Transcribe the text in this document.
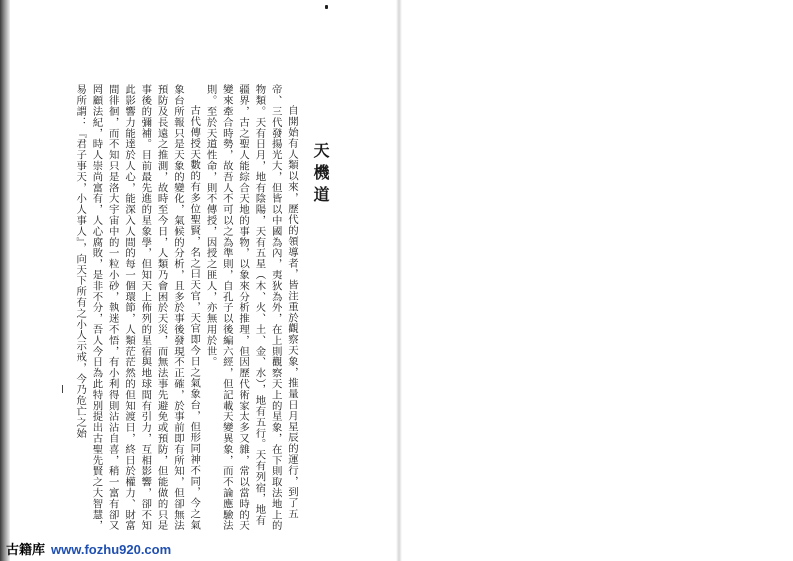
天機道
自開始有人類以來，歷代的領導者，皆注重於觀察天象，推量日月星辰的運行，到了五帝、三代發揚光大，但皆以中國為內，夷狄為外，在上則觀察天上的星象，在下則取法地上的物類。天有日月，地有陰陽，天有五星（木、火、土、金、水），地有五行。天有列宿，地有疆界，古之聖人能綜合天地的事物，以象來分析推理，但因歷代術家太多又雜，常以當時的天變來牽合時勢，故吾人不可以之為準則，自孔子以後編六經，但記載天變異象，而不論應驗法則。至於天道性命，則不傳授，因授之匪人，亦無用於世。
古代傳授天數的有多位聖賢，名之曰天官，天官即今日之氣象台，但形同神不同，今之氣象台所報只是天象的變化，氣候的分析，且多於事後發現不正確，於事前即有所知，但卻無法預防及長遠之推測，故時至今日，人類乃會困於天災，而無法事先避免或預防，但能做的只是事後的彌補。目前最先進的星象學，但知天上佈列的星宿與地球間有引力，互相影響，卻不知此影響力能達於人心，能深入人間的每一個環節，人類茫茫然的但知渡日，終日於權力、財富間徘徊，而不知只是洛大宇宙中的一粒小砂，執迷不悟，有小利得則沾沾自喜，稍一富有卻又罔顧法紀，時人崇尚富有，人心腐敗，是非不分，吾人今日為此特別提出古聖先賢之大智慧，易所謂：『君子事天，小人事人』，向天下所有之小人示戒，今乃危亡之始
古籍库 www.fozhu920.com
